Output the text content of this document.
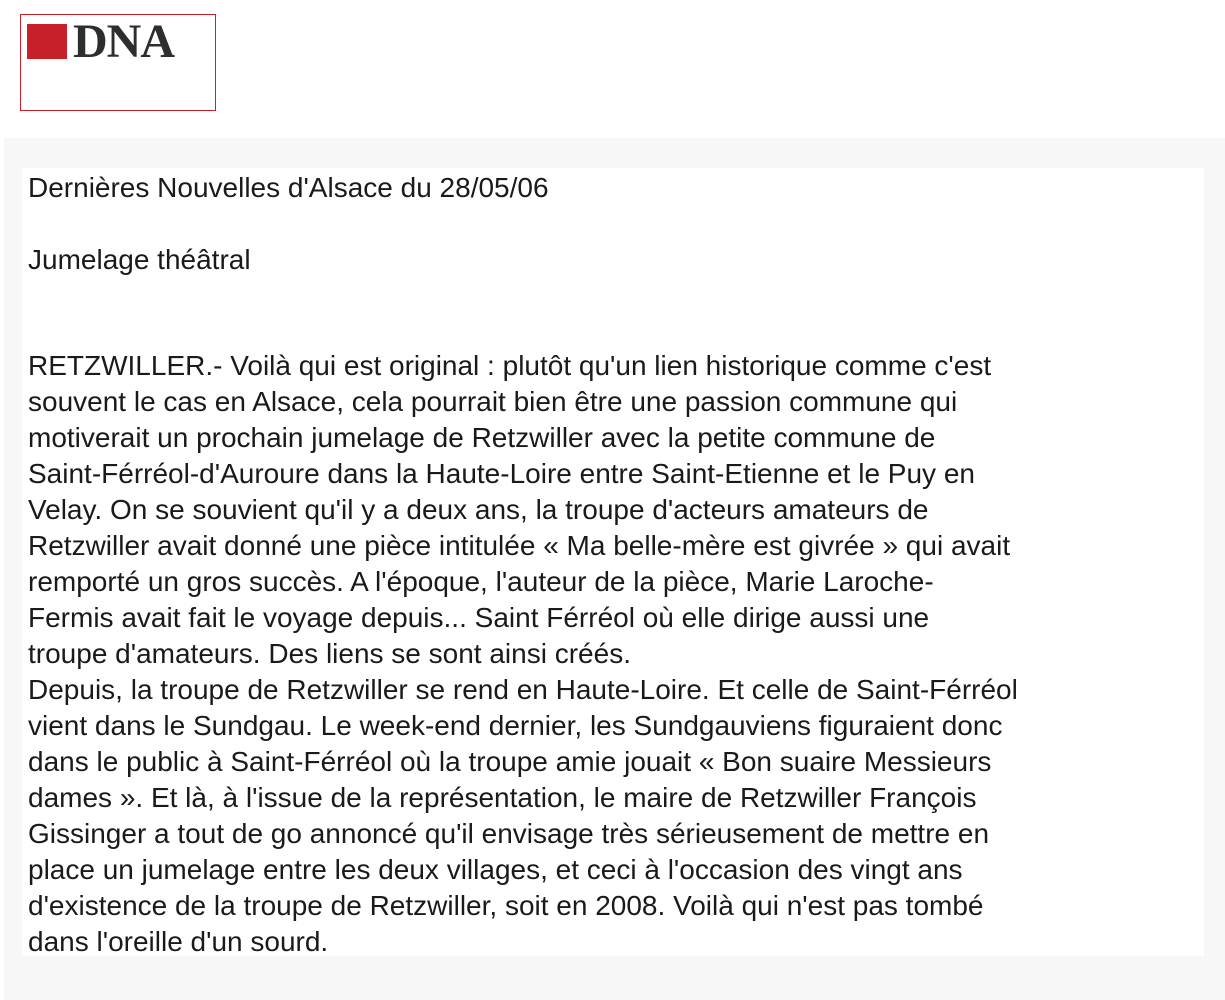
DNA
Dernières Nouvelles d'Alsace du 28/05/06
Jumelage théâtral
RETZWILLER.- Voilà qui est original : plutôt qu'un lien historique comme c'est
souvent le cas en Alsace, cela pourrait bien être une passion commune qui
motiverait un prochain jumelage de Retzwiller avec la petite commune de
Saint-Férréol-d'Auroure dans la Haute-Loire entre Saint-Etienne et le Puy en
Velay. On se souvient qu'il y a deux ans, la troupe d'acteurs amateurs de
Retzwiller avait donné une pièce intitulée « Ma belle-mère est givrée » qui avait
remporté un gros succès. A l'époque, l'auteur de la pièce, Marie Laroche-
Fermis avait fait le voyage depuis... Saint Férréol où elle dirige aussi une
troupe d'amateurs. Des liens se sont ainsi créés.
Depuis, la troupe de Retzwiller se rend en Haute-Loire. Et celle de Saint-Férréol
vient dans le Sundgau. Le week-end dernier, les Sundgauviens figuraient donc
dans le public à Saint-Férréol où la troupe amie jouait « Bon suaire Messieurs
dames ». Et là, à l'issue de la représentation, le maire de Retzwiller François
Gissinger a tout de go annoncé qu'il envisage très sérieusement de mettre en
place un jumelage entre les deux villages, et ceci à l'occasion des vingt ans
d'existence de la troupe de Retzwiller, soit en 2008. Voilà qui n'est pas tombé
dans l'oreille d'un sourd.
